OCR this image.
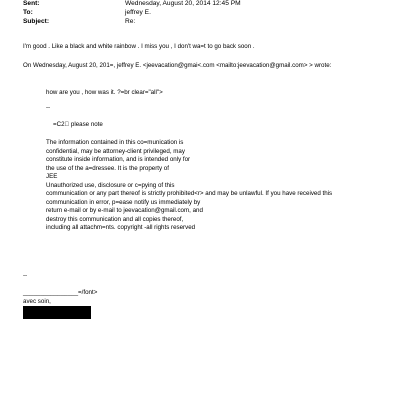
Sent:	Wednesday, August 20, 2014 12:45 PM
To:	jeffrey E.
Subject:	Re:
I'm good . Like a black and white rainbow . I miss you , I don't wa=t to go back soon .
On Wednesday, August 20, 201=, jeffrey E. <jeevacation@gmai<.com <mailto:jeevacation@gmail.com> > wrote:
how are you , how was it. ?=br clear="all">
--
=C2  please note
The information contained in this co=munication is
confidential, may be attorney-client privileged, may
constitute inside information, and is intended only for
the use of the a=dressee. It is the property of
JEE
Unauthorized use, disclosure or c=pying of this
communication or any part thereof is strictly prohibited<r> and may be unlawful. If you have received this
communication in error, p=ease notify us immediately by
return e-mail or by e-mail to jeevacation@gmail.com, and
destroy this communication and all copies thereof,
including all attachm=nts. copyright -all rights reserved
--
________________=/font>
avec soin,
